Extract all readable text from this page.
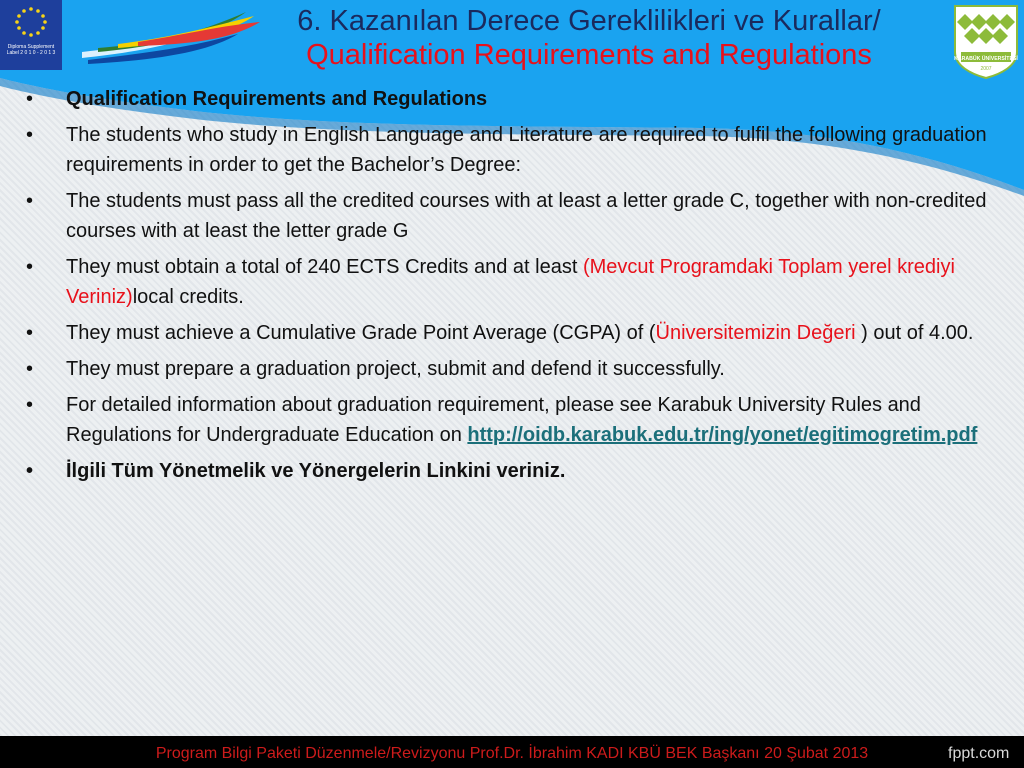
Diploma Supplement Label 2 0 1 0 - 2 0 1 3
6. Kazanılan Derece Gereklilikleri ve Kurallar/
Qualification Requirements and Regulations	KARABÜK ÜNİVERSİTESİ
2007
•	Qualification Requirements and Regulations
•	The students who study in English Language and Literature are required to fulfil the following graduation requirements in order to get the Bachelor’s Degree:
•	The students must pass all the credited courses with at least a letter grade C, together with non-credited courses with at least the letter grade G
•	They must obtain a total of 240 ECTS Credits and at least (Mevcut Programdaki Toplam yerel krediyi Veriniz)local credits.
•	They must achieve a Cumulative Grade Point Average (CGPA) of (Üniversitemizin Değeri ) out of 4.00.
•	They must prepare a graduation project, submit and defend it successfully.
•	For detailed information about graduation requirement, please see Karabuk University Rules and Regulations for Undergraduate Education on http://oidb.karabuk.edu.tr/ing/yonet/egitimogretim.pdf
•	İlgili Tüm Yönetmelik ve Yönergelerin Linkini veriniz.
Program Bilgi Paketi Düzenmele/Revizyonu Prof.Dr. İbrahim KADI KBÜ BEK Başkanı 20 Şubat 2013	fppt.com
